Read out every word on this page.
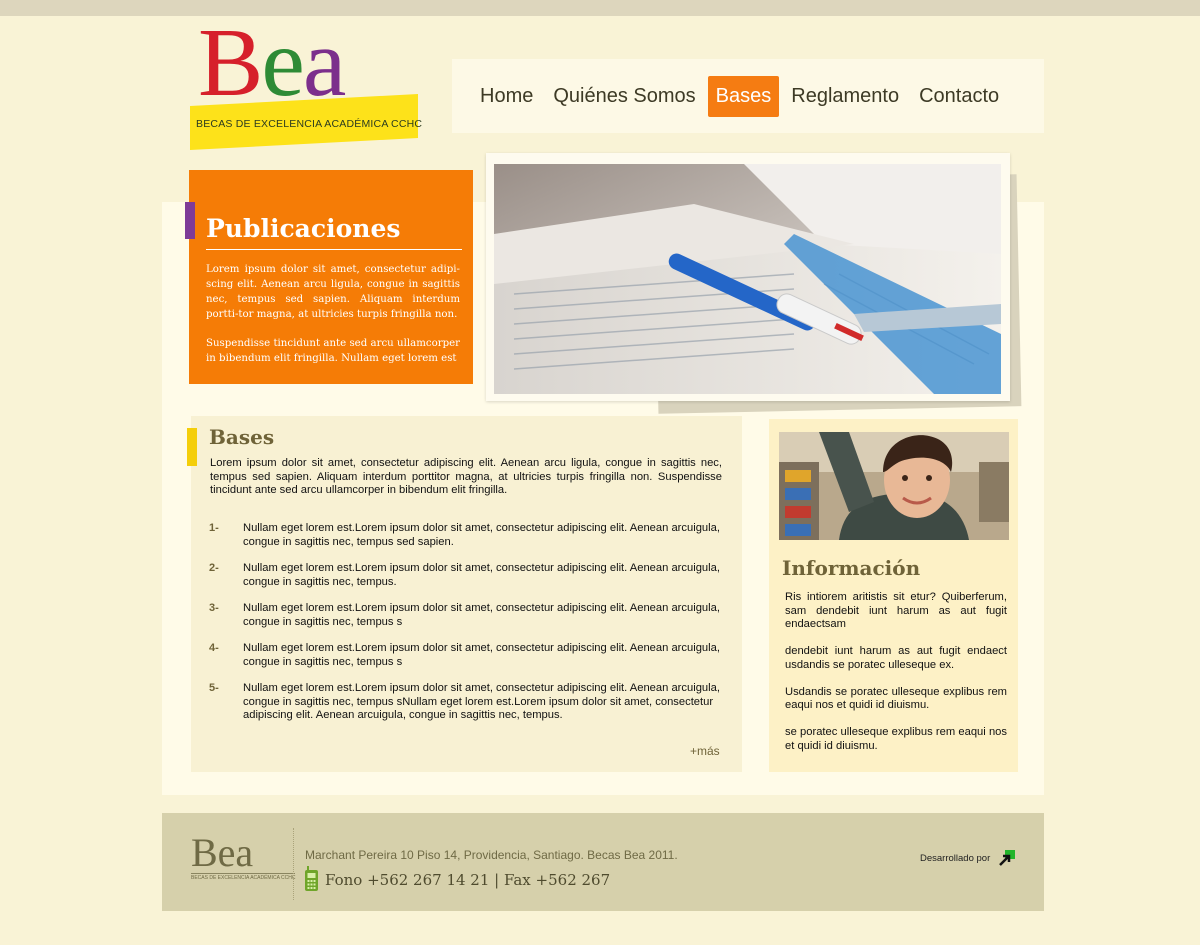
Bea
BECAS DE EXCELENCIA ACADÉMICA CCHC
Home	Quiénes Somos	Bases	Reglamento	Contacto
Publicaciones

Lorem ipsum dolor sit amet, consectetur adipi-scing elit. Aenean arcu ligula, congue in sagittis nec, tempus sed sapien. Aliquam interdum portti-tor magna, at ultricies turpis fringilla non.

Suspendisse tincidunt ante sed arcu ullamcorper in bibendum elit fringilla. Nullam eget lorem est

Bases

Lorem ipsum dolor sit amet, consectetur adipiscing elit. Aenean arcu ligula, congue in sagittis nec, tempus sed sapien. Aliquam interdum porttitor magna, at ultricies turpis fringilla non. Suspendisse tincidunt ante sed arcu ullamcorper in bibendum elit fringilla.

1- Nullam eget lorem est.Lorem ipsum dolor sit amet, consectetur adipiscing elit. Aenean arcuigula, congue in sagittis nec, tempus sed sapien.
2- Nullam eget lorem est.Lorem ipsum dolor sit amet, consectetur adipiscing elit. Aenean arcuigula, congue in sagittis nec, tempus.
3- Nullam eget lorem est.Lorem ipsum dolor sit amet, consectetur adipiscing elit. Aenean arcuigula, congue in sagittis nec, tempus s
4- Nullam eget lorem est.Lorem ipsum dolor sit amet, consectetur adipiscing elit. Aenean arcuigula, congue in sagittis nec, tempus s
5- Nullam eget lorem est.Lorem ipsum dolor sit amet, consectetur adipiscing elit. Aenean arcuigula, congue in sagittis nec, tempus sNullam eget lorem est.Lorem ipsum dolor sit amet, consectetur adipiscing elit. Aenean arcuigula, congue in sagittis nec, tempus.
+más
Información

Ris intiorem aritistis sit etur? Quiberferum, sam dendebit iunt harum as aut fugit endaectsam

dendebit iunt harum as aut fugit endaect usdandis se poratec ulleseque ex.

Usdandis se poratec ulleseque explibus rem eaqui nos et quidi id diuismu.

se poratec ulleseque explibus rem eaqui nos et quidi id diuismu.

Bea
BECAS DE EXCELENCIA ACADÉMICA CCHC
Marchant Pereira 10 Piso 14, Providencia, Santiago. Becas Bea 2011.
Fono +562 267 14 21 | Fax +562 267
Desarrollado por
